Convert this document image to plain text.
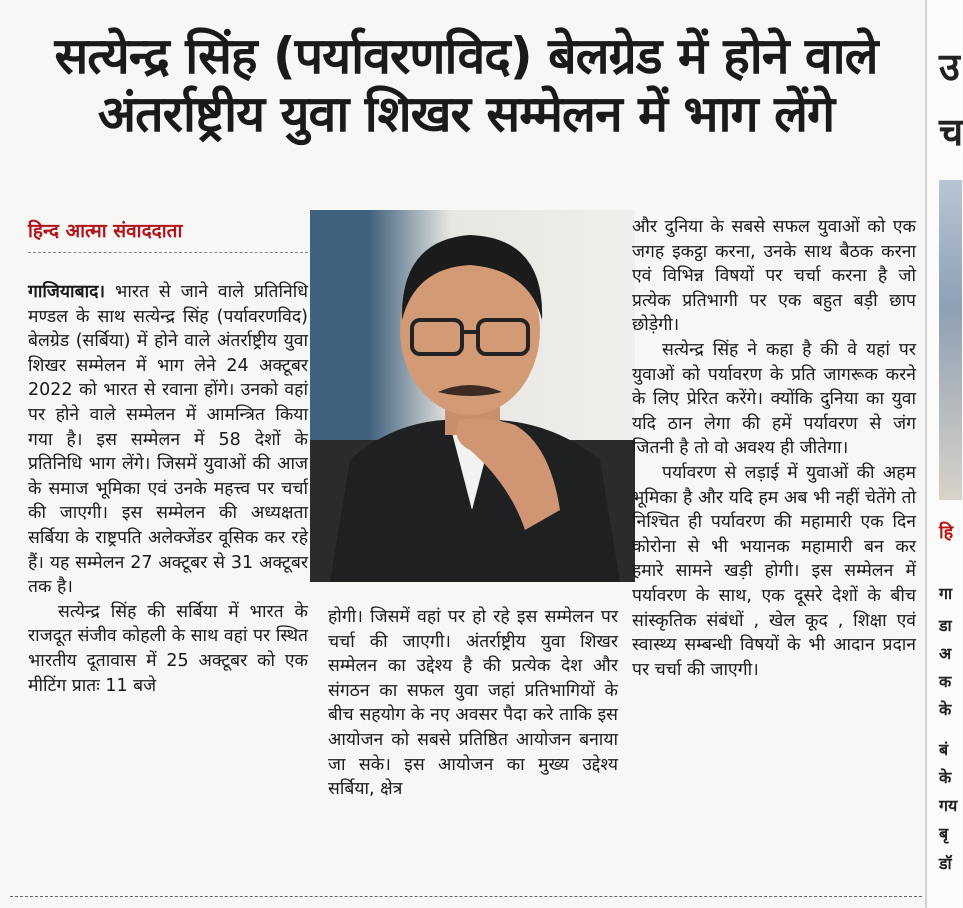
सत्येन्द्र सिंह (पर्यावरणविद) बेलग्रेड में होने वाले
अंतर्राष्ट्रीय युवा शिखर सम्मेलन में भाग लेंगे
हिन्द आत्मा संवाददाता

गाजियाबाद। भारत से जाने वाले प्रतिनिधि मण्डल के साथ सत्येन्द्र सिंह (पर्यावरणविद) बेलग्रेड (सर्बिया) में होने वाले अंतर्राष्ट्रीय युवा शिखर सम्मेलन में भाग लेने 24 अक्टूबर 2022 को भारत से रवाना होंगे। उनको वहां पर होने वाले सम्मेलन में आमन्त्रित किया गया है। इस सम्मेलन में 58 देशों के प्रतिनिधि भाग लेंगे। जिसमें युवाओं की आज के समाज भूमिका एवं उनके महत्त्व पर चर्चा की जाएगी। इस सम्मेलन की अध्यक्षता सर्बिया के राष्ट्रपति अलेक्जेंडर वूसिक कर रहे हैं। यह सम्मेलन 27 अक्टूबर से 31 अक्टूबर तक है।

सत्येन्द्र सिंह की सर्बिया में भारत के राजदूत संजीव कोहली के साथ वहां पर स्थित भारतीय दूतावास में 25 अक्टूबर को एक मीटिंग प्रातः 11 बजे

होगी। जिसमें वहां पर हो रहे इस सम्मेलन पर चर्चा की जाएगी। अंतर्राष्ट्रीय युवा शिखर सम्मेलन का उद्देश्य है की प्रत्येक देश और संगठन का सफल युवा जहां प्रतिभागियों के बीच सहयोग के नए अवसर पैदा करे ताकि इस आयोजन को सबसे प्रतिष्ठित आयोजन बनाया जा सके। इस आयोजन का मुख्य उद्देश्य सर्बिया, क्षेत्र

और दुनिया के सबसे सफल युवाओं को एक जगह इकट्ठा करना, उनके साथ बैठक करना एवं विभिन्न विषयों पर चर्चा करना है जो प्रत्येक प्रतिभागी पर एक बहुत बड़ी छाप छोड़ेगी।

सत्येन्द्र सिंह ने कहा है की वे यहां पर युवाओं को पर्यावरण के प्रति जागरूक करने के लिए प्रेरित करेंगे। क्योंकि दुनिया का युवा यदि ठान लेगा की हमें पर्यावरण से जंग जितनी है तो वो अवश्य ही जीतेगा।

पर्यावरण से लड़ाई में युवाओं की अहम भूमिका है और यदि हम अब भी नहीं चेतेंगे तो निश्चित ही पर्यावरण की महामारी एक दिन कोरोना से भी भयानक महामारी बन कर हमारे सामने खड़ी होगी। इस सम्मेलन में पर्यावरण के साथ, एक दूसरे देशों के बीच सांस्कृतिक संबंधों , खेल कूद , शिक्षा एवं स्वास्थ्य सम्बन्धी विषयों के भी आदान प्रदान पर चर्चा की जाएगी।

उ
च
हि
गा
डा
अ
क
के
बं
के
गय
बृ
डॉ
